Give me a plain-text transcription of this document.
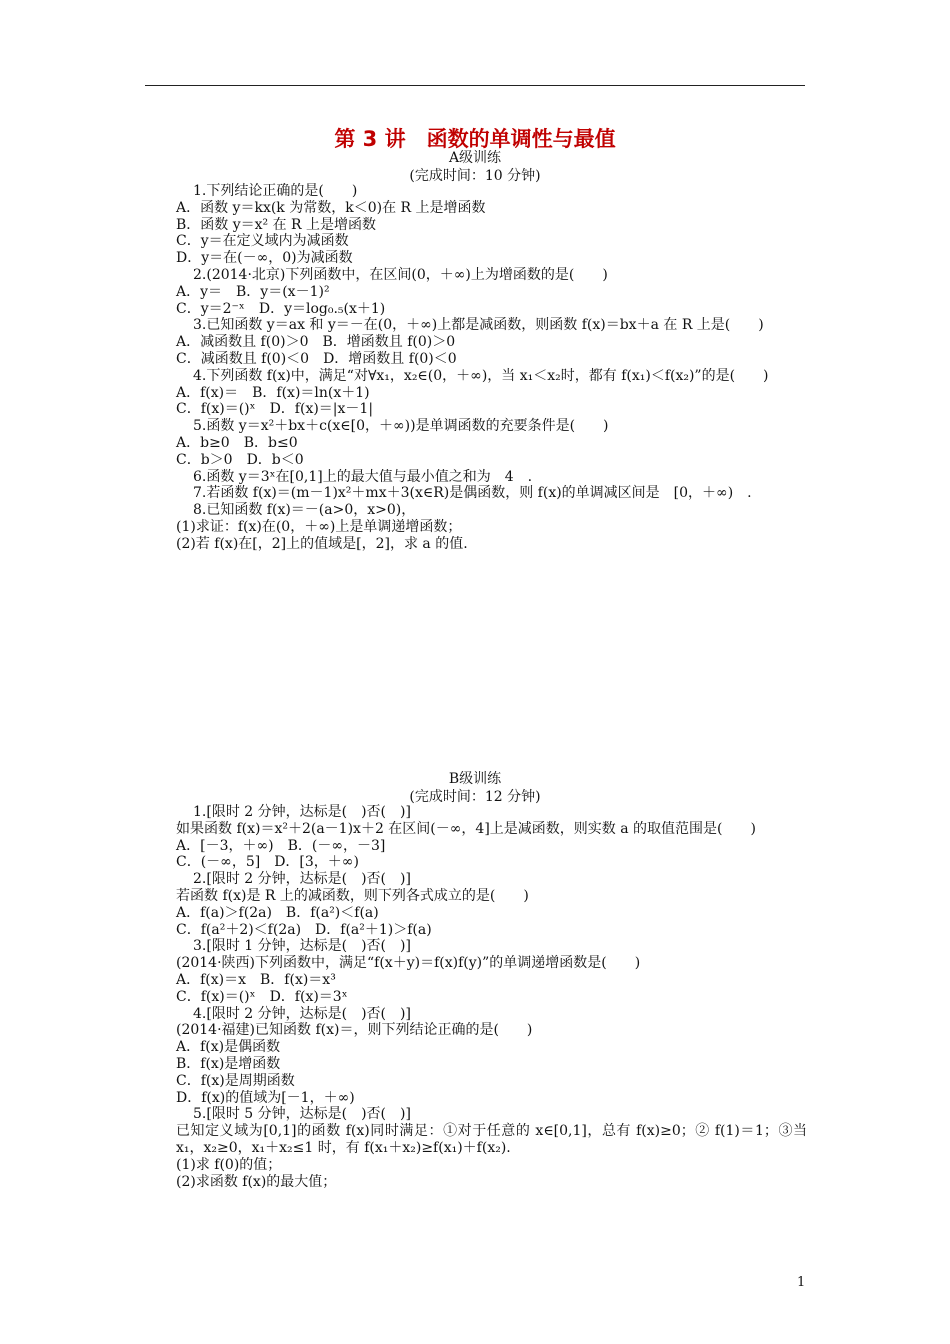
第 3 讲　函数的单调性与最值
A级训练
(完成时间：10 分钟)
1.下列结论正确的是(　　)
A．函数 y＝kx(k 为常数，k＜0)在 R 上是增函数
B．函数 y＝x² 在 R 上是增函数
C．y＝在定义域内为减函数
D．y＝在(－∞，0)为减函数
2.(2014·北京)下列函数中，在区间(0，＋∞)上为增函数的是(　　)
A．y＝　B．y＝(x－1)²
C．y＝2⁻ˣ　D．y＝log₀.₅(x＋1)
3.已知函数 y＝ax 和 y＝－在(0，＋∞)上都是减函数，则函数 f(x)＝bx＋a 在 R 上是(　　)
A．减函数且 f(0)＞0　B．增函数且 f(0)＞0
C．减函数且 f(0)＜0　D．增函数且 f(0)＜0
4.下列函数 f(x)中，满足“对∀x₁，x₂∈(0，＋∞)，当 x₁＜x₂时，都有 f(x₁)＜f(x₂)”的是(　　)
A．f(x)＝　B．f(x)＝ln(x＋1)
C．f(x)＝()ˣ　D．f(x)＝|x－1|
5.函数 y＝x²＋bx＋c(x∈[0，＋∞))是单调函数的充要条件是(　　)
A．b≥0　B．b≤0
C．b＞0　D．b＜0
6.函数 y＝3ˣ在[0,1]上的最大值与最小值之和为　4　.
7.若函数 f(x)＝(m－1)x²＋mx＋3(x∈R)是偶函数，则 f(x)的单调减区间是　[0，＋∞)　.
8.已知函数 f(x)＝－(a>0，x>0)，
(1)求证：f(x)在(0，＋∞)上是单调递增函数；
(2)若 f(x)在[，2]上的值域是[，2]，求 a 的值.
B级训练
(完成时间：12 分钟)
1.[限时 2 分钟，达标是(　)否(　)]
如果函数 f(x)＝x²＋2(a－1)x＋2 在区间(－∞，4]上是减函数，则实数 a 的取值范围是(　　)
A．[－3，＋∞)　B．(－∞，－3]
C．(－∞，5]　D．[3，＋∞)
2.[限时 2 分钟，达标是(　)否(　)]
若函数 f(x)是 R 上的减函数，则下列各式成立的是(　　)
A．f(a)＞f(2a)　B．f(a²)＜f(a)
C．f(a²＋2)＜f(2a)　D．f(a²＋1)＞f(a)
3.[限时 1 分钟，达标是(　)否(　)]
(2014·陕西)下列函数中，满足“f(x＋y)＝f(x)f(y)”的单调递增函数是(　　)
A．f(x)＝x　B．f(x)＝x³
C．f(x)＝()ˣ　D．f(x)＝3ˣ
4.[限时 2 分钟，达标是(　)否(　)]
(2014·福建)已知函数 f(x)＝，则下列结论正确的是(　　)
A．f(x)是偶函数
B．f(x)是增函数
C．f(x)是周期函数
D．f(x)的值域为[－1，＋∞)
5.[限时 5 分钟，达标是(　)否(　)]
已知定义域为[0,1]的函数 f(x)同时满足：①对于任意的 x∈[0,1]，总有 f(x)≥0；② f(1)＝1；③当 x₁，x₂≥0，x₁＋x₂≤1 时，有 f(x₁＋x₂)≥f(x₁)＋f(x₂).
(1)求 f(0)的值；
(2)求函数 f(x)的最大值；
1
